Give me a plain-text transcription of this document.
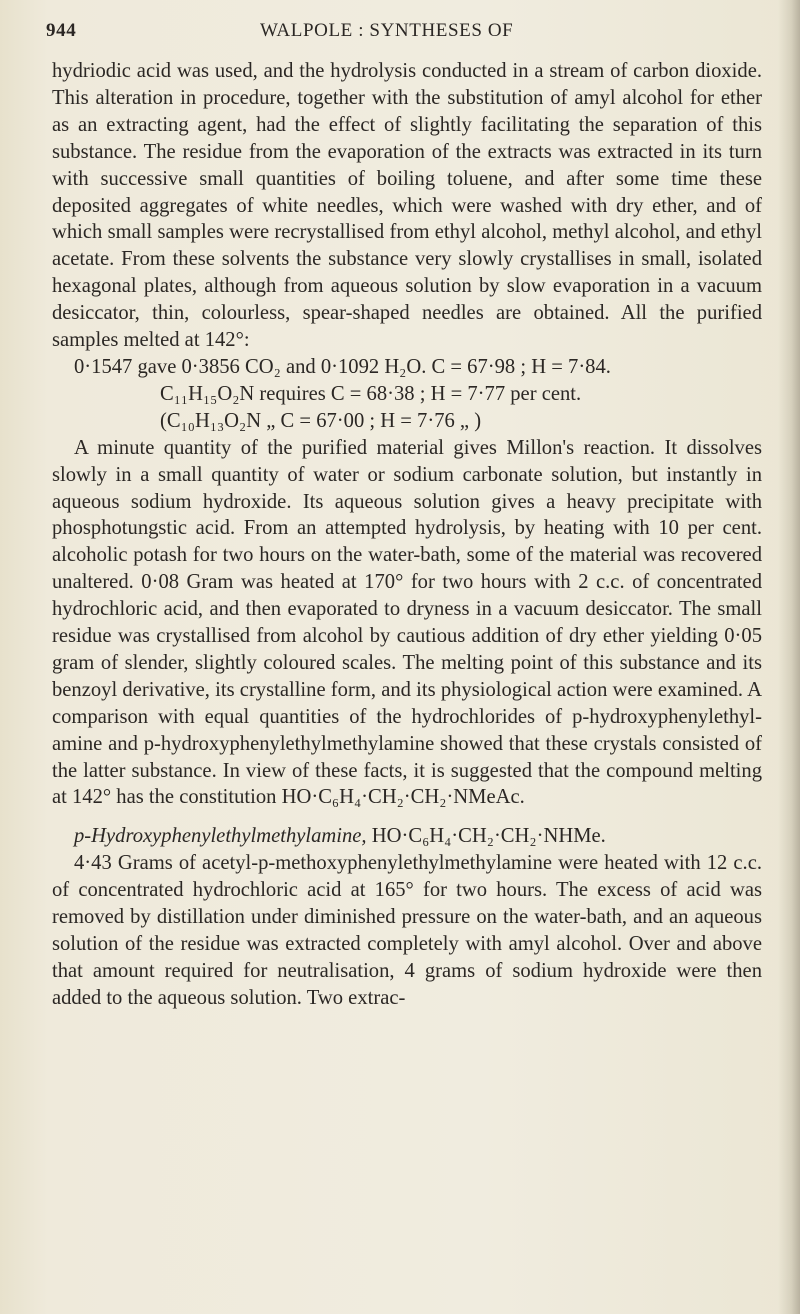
944	WALPOLE : SYNTHESES OF

hydriodic acid was used, and the hydrolysis conducted in a stream of carbon dioxide. This alteration in procedure, together with the substitution of amyl alcohol for ether as an extracting agent, had the effect of slightly facilitating the separation of this substance. The residue from the evaporation of the extracts was extracted in its turn with successive small quantities of boiling toluene, and after some time these deposited aggregates of white needles, which were washed with dry ether, and of which small samples were recrystallised from ethyl alcohol, methyl alcohol, and ethyl acetate. From these solvents the substance very slowly crystallises in small, isolated hexagonal plates, although from aqueous solution by slow evaporation in a vacuum desiccator, thin, colourless, spear-shaped needles are obtained. All the purified samples melted at 142°:

0·1547 gave 0·3856 CO₂ and 0·1092 H₂O. C = 67·98 ; H = 7·84.
C₁₁H₁₅O₂N requires C = 68·38 ; H = 7·77 per cent.
(C₁₀H₁₃O₂N „ C = 67·00 ; H = 7·76 „ )

A minute quantity of the purified material gives Millon's reaction. It dissolves slowly in a small quantity of water or sodium carbonate solution, but instantly in aqueous sodium hydroxide. Its aqueous solution gives a heavy precipitate with phosphotungstic acid. From an attempted hydrolysis, by heating with 10 per cent. alcoholic potash for two hours on the water-bath, some of the material was recovered unaltered. 0·08 Gram was heated at 170° for two hours with 2 c.c. of concentrated hydrochloric acid, and then evaporated to dryness in a vacuum desiccator. The small residue was crystallised from alcohol by cautious addition of dry ether yielding 0·05 gram of slender, slightly coloured scales. The melting point of this substance and its benzoyl derivative, its crystalline form, and its physiological action were examined. A comparison with equal quantities of the hydrochlorides of p-hydroxyphenylethyl-amine and p-hydroxyphenylethylmethylamine showed that these crystals consisted of the latter substance. In view of these facts, it is suggested that the compound melting at 142° has the constitution HO·C₆H₄·CH₂·CH₂·NMeAc.

p-Hydroxyphenylethylmethylamine, HO·C₆H₄·CH₂·CH₂·NHMe.

4·43 Grams of acetyl-p-methoxyphenylethylmethylamine were heated with 12 c.c. of concentrated hydrochloric acid at 165° for two hours. The excess of acid was removed by distillation under diminished pressure on the water-bath, and an aqueous solution of the residue was extracted completely with amyl alcohol. Over and above that amount required for neutralisation, 4 grams of sodium hydroxide were then added to the aqueous solution. Two extrac-
